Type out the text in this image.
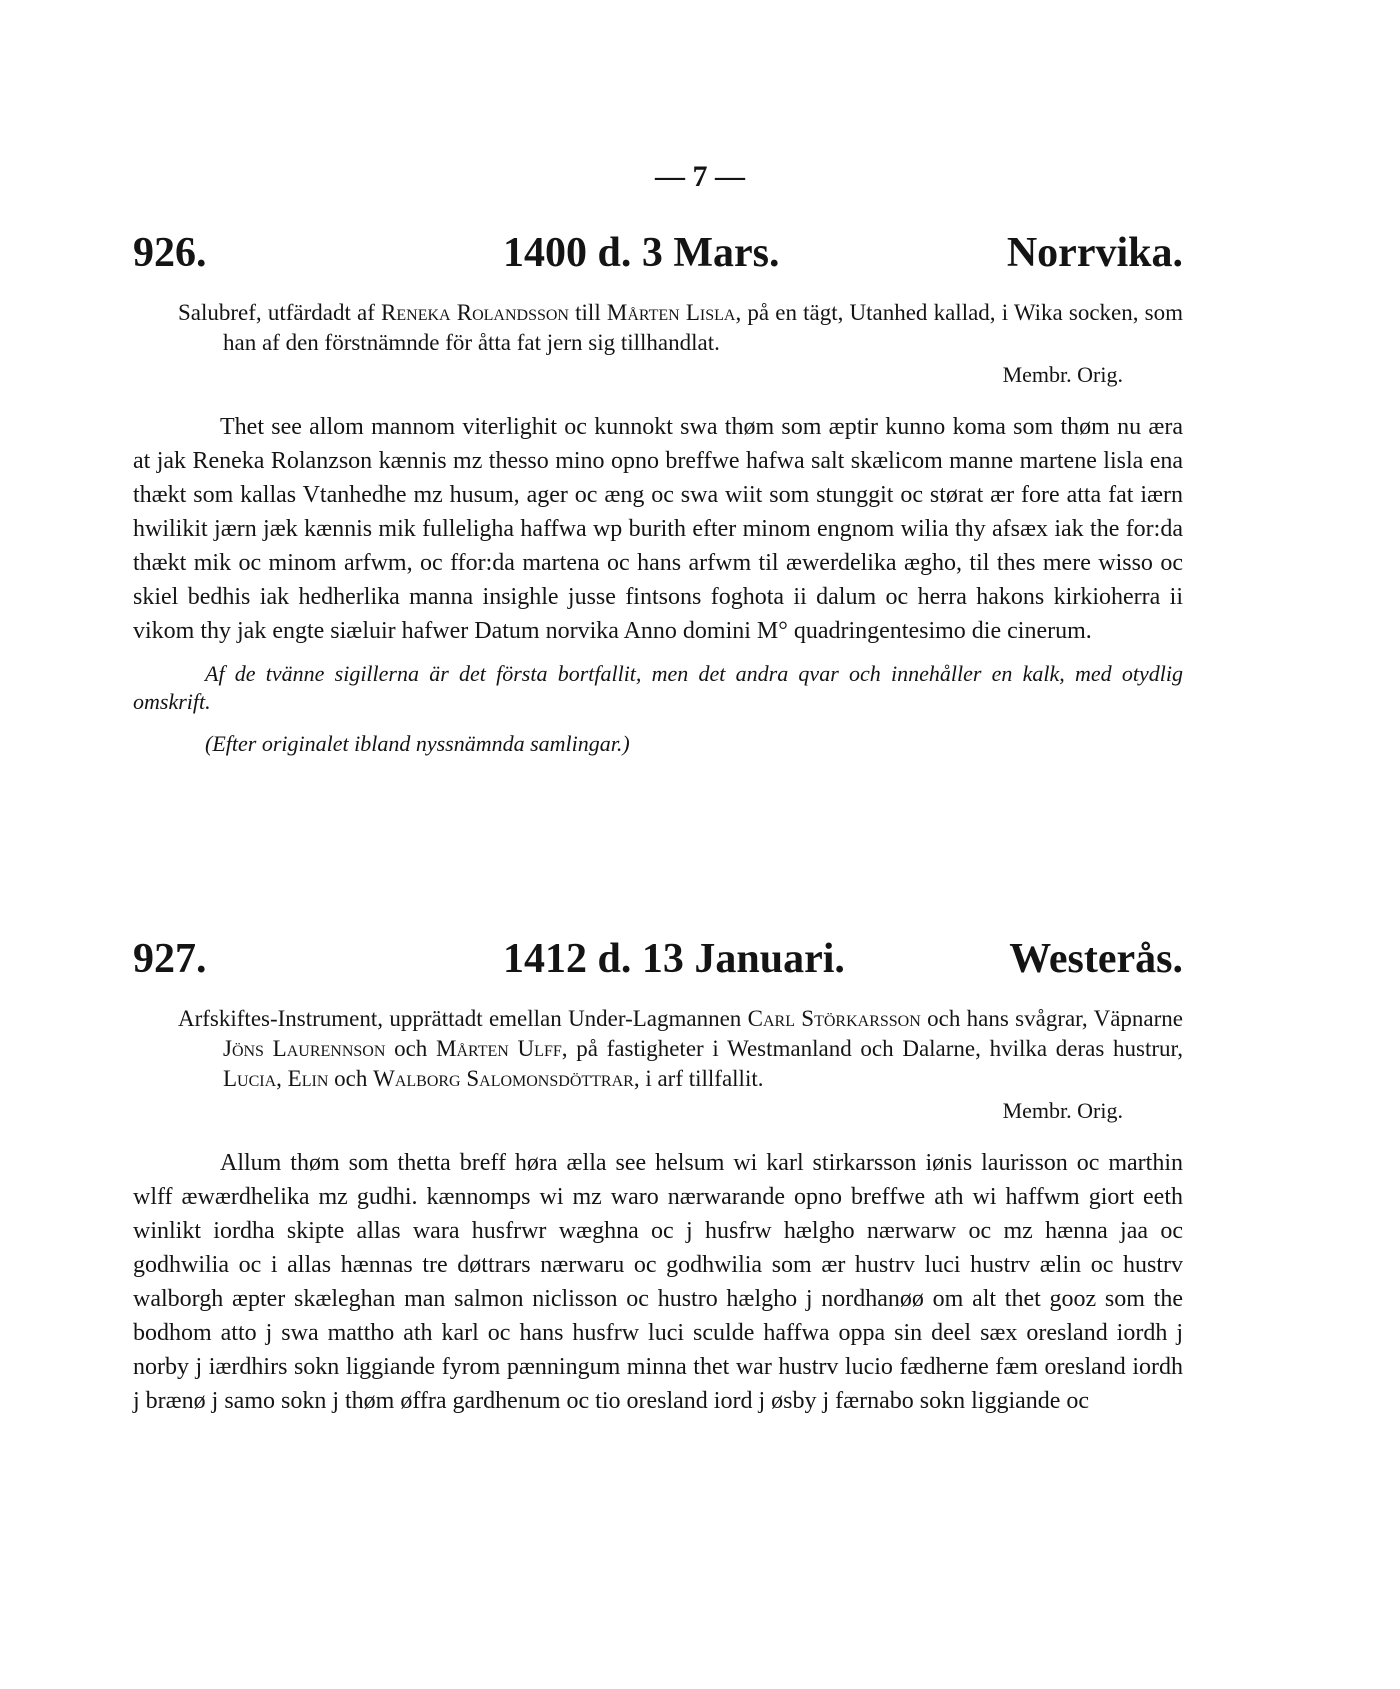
— 7 —
926.	1400 d. 3 Mars.	Norrvika.
Salubref, utfärdadt af Reneka Rolandsson till Mårten Lisla, på en tägt, Utanhed kallad, i Wika socken, som han af den förstnämnde för åtta fat jern sig tillhandlat.
Membr. Orig.
Thet see allom mannom viterlighit oc kunnokt swa thøm som æptir kunno koma som thøm nu æra at jak Reneka Rolanzson kænnis mz thesso mino opno breffwe hafwa salt skælicom manne martene lisla ena thækt som kallas Vtanhedhe mz husum, ager oc æng oc swa wiit som stunggit oc størat ær fore atta fat iærn hwilikit jærn jæk kænnis mik fulleligha haffwa wp burith efter minom engnom wilia thy afsæx iak the for:da thækt mik oc minom arfwm, oc ffor:da martena oc hans arfwm til æwerdelika ægho, til thes mere wisso oc skiel bedhis iak hedherlika manna insighle jusse fintsons foghota ii dalum oc herra hakons kirkioherra ii vikom thy jak engte siæluir hafwer Datum norvika Anno domini M° quadringentesimo die cinerum.
Af de tvänne sigillerna är det första bortfallit, men det andra qvar och innehåller en kalk, med otydlig omskrift.
(Efter originalet ibland nyssnämnda samlingar.)
927.	1412 d. 13 Januari.	Westerås.
Arfskiftes-Instrument, upprättadt emellan Under-Lagmannen Carl Störkarsson och hans svågrar, Väpnarne Jöns Laurennson och Mårten Ulff, på fastigheter i Westmanland och Dalarne, hvilka deras hustrur, Lucia, Elin och Walborg Salomonsdöttrar, i arf tillfallit.
Membr. Orig.
Allum thøm som thetta breff høra ælla see helsum wi karl stirkarsson iønis laurisson oc marthin wlff æwærdhelika mz gudhi. kænnomps wi mz waro nærwarande opno breffwe ath wi haffwm giort eeth winlikt iordha skipte allas wara husfrwr wæghna oc j husfrw hælgho nærwarw oc mz hænna jaa oc godhwilia oc i allas hænnas tre døttrars nærwaru oc godhwilia som ær hustrv luci hustrv ælin oc hustrv walborgh æpter skæleghan man salmon niclisson oc hustro hælgho j nordhanøø om alt thet gooz som the bodhom atto j swa mattho ath karl oc hans husfrw luci sculde haffwa oppa sin deel sæx oresland iordh j norby j iærdhirs sokn liggiande fyrom pænningum minna thet war hustrv lucio fædherne fæm oresland iordh j brænø j samo sokn j thøm øffra gardhenum oc tio oresland iord j øsby j færnabo sokn liggiande oc
